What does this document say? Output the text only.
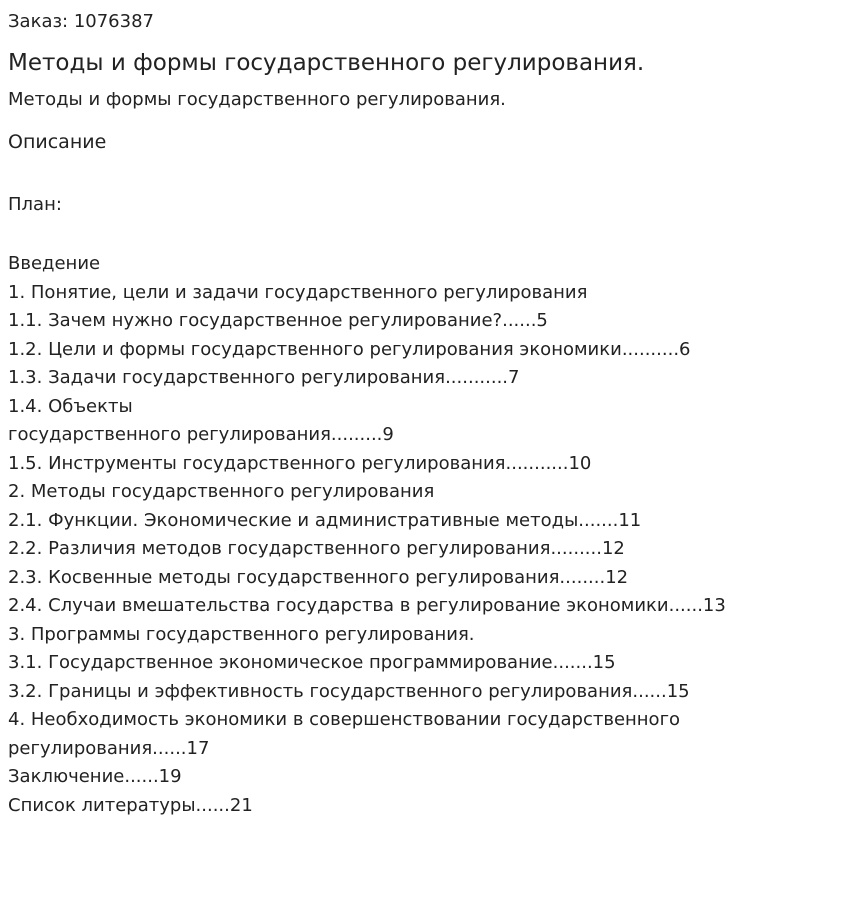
Заказ: 1076387
Методы и формы государственного регулирования.
Методы и формы государственного регулирования.
Описание
План:
Введение
1. Понятие, цели и задачи государственного регулирования
1.1. Зачем нужно государственное регулирование?......5
1.2. Цели и формы государственного регулирования экономики..........6
1.3. Задачи государственного регулирования...........7
1.4. Объекты
государственного регулирования.........9
1.5. Инструменты государственного регулирования...........10
2. Методы государственного регулирования
2.1. Функции. Экономические и административные методы.......11
2.2. Различия методов государственного регулирования.........12
2.3. Косвенные методы государственного регулирования........12
2.4. Случаи вмешательства государства в регулирование экономики......13
3. Программы государственного регулирования.
3.1. Государственное экономическое программирование.......15
3.2. Границы и эффективность государственного регулирования......15
4. Необходимость экономики в совершенствовании государственного
регулирования......17
Заключение......19
Список литературы......21
